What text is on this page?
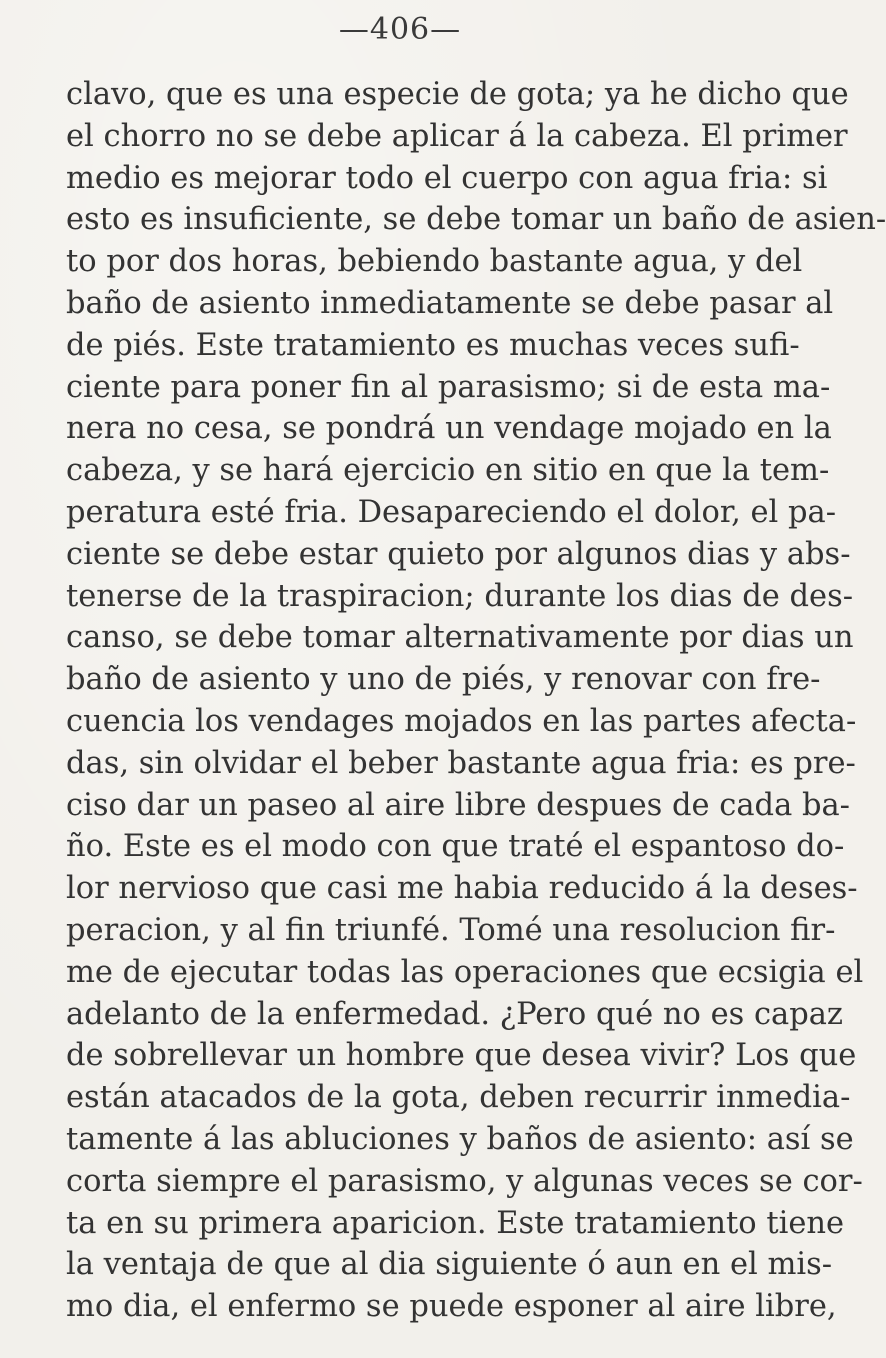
—406—
clavo, que es una especie de gota; ya he dicho que
el chorro no se debe aplicar á la cabeza. El primer
medio es mejorar todo el cuerpo con agua fria: si
esto es insuficiente, se debe tomar un baño de asien-
to por dos horas, bebiendo bastante agua, y del
baño de asiento inmediatamente se debe pasar al
de piés. Este tratamiento es muchas veces sufi-
ciente para poner fin al parasismo; si de esta ma-
nera no cesa, se pondrá un vendage mojado en la
cabeza, y se hará ejercicio en sitio en que la tem-
peratura esté fria. Desapareciendo el dolor, el pa-
ciente se debe estar quieto por algunos dias y abs-
tenerse de la traspiracion; durante los dias de des-
canso, se debe tomar alternativamente por dias un
baño de asiento y uno de piés, y renovar con fre-
cuencia los vendages mojados en las partes afecta-
das, sin olvidar el beber bastante agua fria: es pre-
ciso dar un paseo al aire libre despues de cada ba-
ño. Este es el modo con que traté el espantoso do-
lor nervioso que casi me habia reducido á la deses-
peracion, y al fin triunfé. Tomé una resolucion fir-
me de ejecutar todas las operaciones que ecsigia el
adelanto de la enfermedad. ¿Pero qué no es capaz
de sobrellevar un hombre que desea vivir? Los que
están atacados de la gota, deben recurrir inmedia-
tamente á las abluciones y baños de asiento: así se
corta siempre el parasismo, y algunas veces se cor-
ta en su primera aparicion. Este tratamiento tiene
la ventaja de que al dia siguiente ó aun en el mis-
mo dia, el enfermo se puede esponer al aire libre,
